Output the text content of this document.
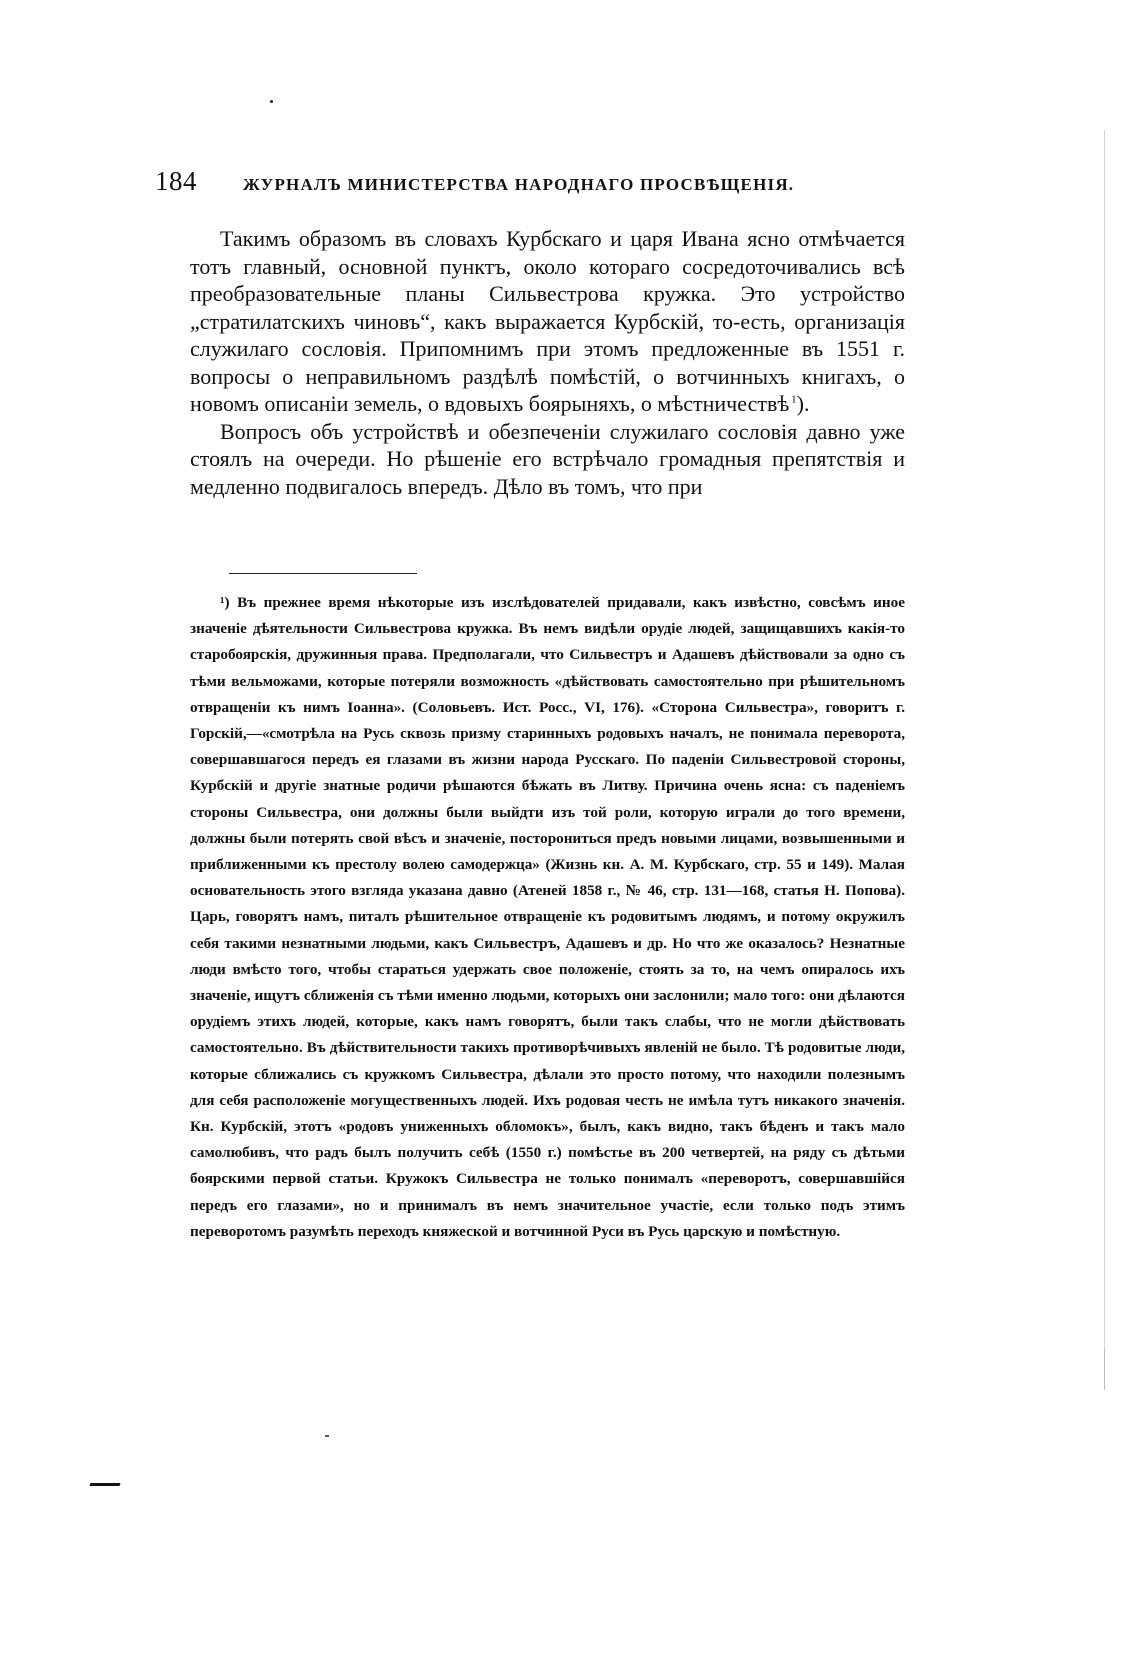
184	ЖУРНАЛЪ МИНИСТЕРСТВА НАРОДНАГО ПРОСВѢЩЕНІЯ.

Такимъ образомъ въ словахъ Курбскаго и царя Ивана ясно отмѣчается тотъ главный, основной пунктъ, около котораго сосредоточивались всѣ преобразовательные планы Сильвестрова кружка. Это устройство „стратилатскихъ чиновъ“, какъ выражается Курбскій, то-есть, организація служилаго сословія. Припомнимъ при этомъ предложенные въ 1551 г. вопросы о неправильномъ раздѣлѣ помѣстій, о вотчинныхъ книгахъ, о новомъ описаніи земель, о вдовыхъ боярыняхъ, о мѣстничествѣ  $^1$).

Вопросъ объ устройствѣ и обезпеченіи служилаго сословія давно уже стоялъ на очереди. Но рѣшеніе его встрѣчало громадныя препятствія и медленно подвигалось впередъ. Дѣло въ томъ, что при

¹) Въ прежнее время нѣкоторые изъ изслѣдователей придавали, какъ извѣстно, совсѣмъ иное значеніе дѣятельности Сильвестрова кружка. Въ немъ видѣли орудіе людей, защищавшихъ какія-то старобоярскія, дружинныя права. Предполагали, что Сильвестръ и Адашевъ дѣйствовали за одно съ тѣми вельможами, которые потеряли возможность «дѣйствовать самостоятельно при рѣшительномъ отвращеніи къ нимъ Іоанна». (Соловьевъ. Ист. Росс., VI, 176). «Сторона Сильвестра», говоритъ г. Горскій,—«смотрѣла на Русь сквозь призму старинныхъ родовыхъ началъ, не понимала переворота, совершавшагося передъ ея глазами въ жизни народа Русскаго. По паденіи Сильвестровой стороны, Курбскій и другіе знатные родичи рѣшаются бѣжать въ Литву. Причина очень ясна: съ паденіемъ стороны Сильвестра, они должны были выйдти изъ той роли, которую играли до того времени, должны были потерять свой вѣсъ и значеніе, посторониться предъ новыми лицами, возвышенными и приближенными къ престолу волею самодержца» (Жизнь кн. А. М. Курбскаго, стр. 55 и 149). Малая основательность этого взгляда указана давно (Атеней 1858 г., № 46, стр. 131—168, статья Н. Попова). Царь, говорятъ намъ, питалъ рѣшительное отвращеніе къ родовитымъ людямъ, и потому окружилъ себя такими незнатными людьми, какъ Сильвестръ, Адашевъ и др. Но что же оказалось? Незнатные люди вмѣсто того, чтобы стараться удержать свое положеніе, стоять за то, на чемъ опиралось ихъ значеніе, ищутъ сближенія съ тѣми именно людьми, которыхъ они заслонили; мало того: они дѣлаются орудіемъ этихъ людей, которые, какъ намъ говорятъ, были такъ слабы, что не могли дѣйствовать самостоятельно. Въ дѣйствительности такихъ противорѣчивыхъ явленій не было. Тѣ родовитые люди, которые сближались съ кружкомъ Сильвестра, дѣлали это просто потому, что находили полезнымъ для себя расположеніе могущественныхъ людей. Ихъ родовая честь не имѣла тутъ никакого значенія. Кн. Курбскій, этотъ «родовъ униженныхъ обломокъ», былъ, какъ видно, такъ бѣденъ и такъ мало самолюбивъ, что радъ былъ получить себѣ (1550 г.) помѣстье въ 200 четвертей, на ряду съ дѣтьми боярскими первой статьи. Кружокъ Сильвестра не только понималъ «переворотъ, совершавшійся передъ его глазами», но и принималъ въ немъ значительное участіе, если только подъ этимъ переворотомъ разумѣть переходъ княжеской и вотчинной Руси въ Русь царскую и помѣстную.
